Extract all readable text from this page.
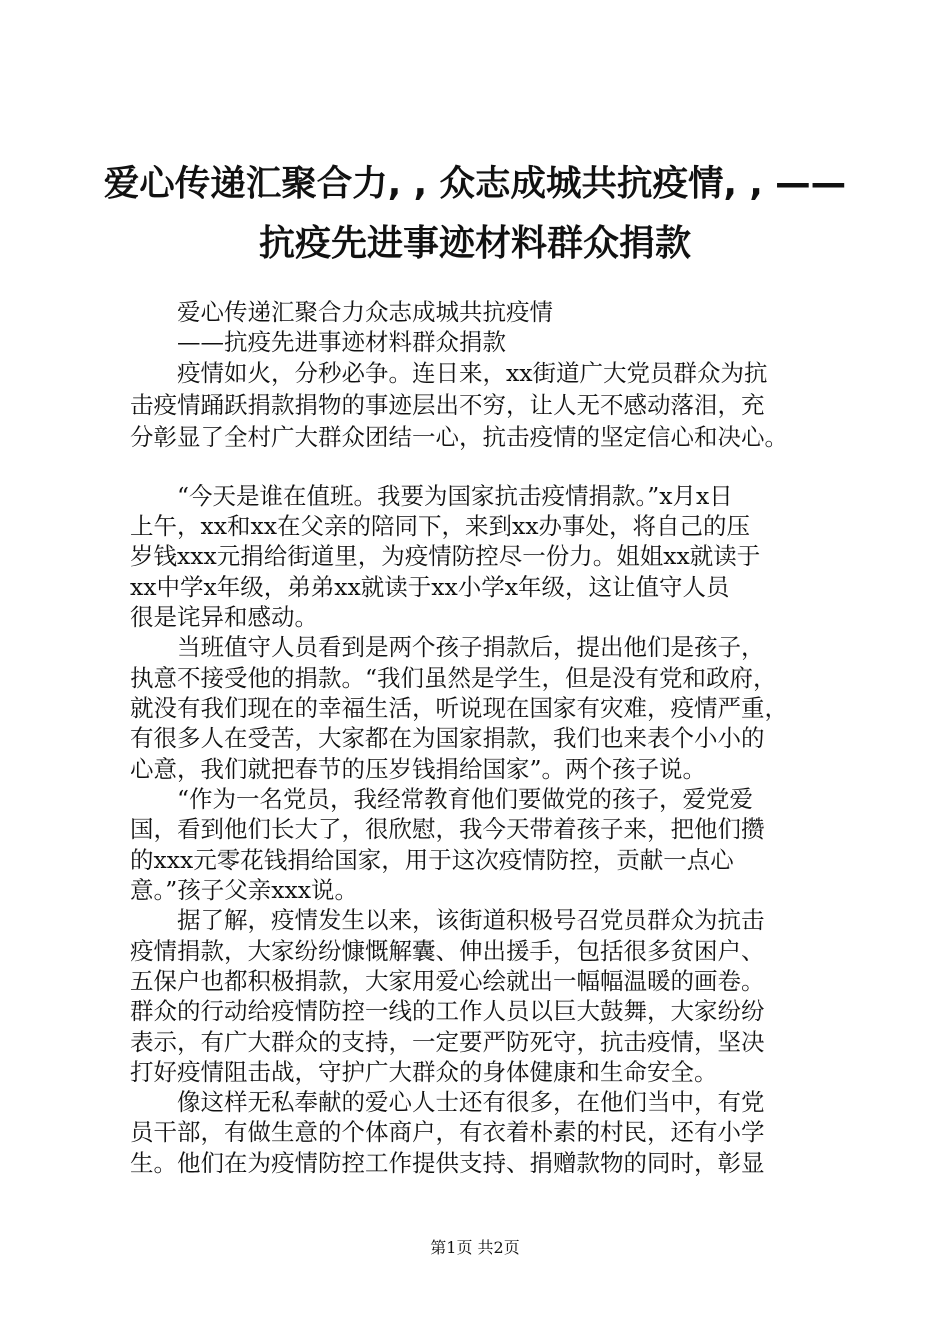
爱心传递汇聚合力, , 众志成城共抗疫情, , ——
抗疫先进事迹材料群众捐款
　　爱心传递汇聚合力众志成城共抗疫情
　　——抗疫先进事迹材料群众捐款
　　疫情如火，分秒必争。连日来，xx街道广大党员群众为抗
击疫情踊跃捐款捐物的事迹层出不穷，让人无不感动落泪，充
分彰显了全村广大群众团结一心，抗击疫情的坚定信心和决心。
　　“今天是谁在值班。我要为国家抗击疫情捐款。”x月x日
上午，xx和xx在父亲的陪同下，来到xx办事处，将自己的压
岁钱xxx元捐给街道里，为疫情防控尽一份力。姐姐xx就读于
xx中学x年级，弟弟xx就读于xx小学x年级，这让值守人员
很是诧异和感动。
　　当班值守人员看到是两个孩子捐款后，提出他们是孩子，
执意不接受他的捐款。“我们虽然是学生，但是没有党和政府，
就没有我们现在的幸福生活，听说现在国家有灾难，疫情严重，
有很多人在受苦，大家都在为国家捐款，我们也来表个小小的
心意，我们就把春节的压岁钱捐给国家”。两个孩子说。
　　“作为一名党员，我经常教育他们要做党的孩子，爱党爱
国，看到他们长大了，很欣慰，我今天带着孩子来，把他们攒
的xxx元零花钱捐给国家，用于这次疫情防控，贡献一点心
意。”孩子父亲xxx说。
　　据了解，疫情发生以来，该街道积极号召党员群众为抗击
疫情捐款，大家纷纷慷慨解囊、伸出援手，包括很多贫困户、
五保户也都积极捐款，大家用爱心绘就出一幅幅温暖的画卷。
群众的行动给疫情防控一线的工作人员以巨大鼓舞，大家纷纷
表示，有广大群众的支持，一定要严防死守，抗击疫情，坚决
打好疫情阻击战，守护广大群众的身体健康和生命安全。
　　像这样无私奉献的爱心人士还有很多，在他们当中，有党
员干部，有做生意的个体商户，有衣着朴素的村民，还有小学
生。他们在为疫情防控工作提供支持、捐赠款物的同时，彰显
第1页 共2页
